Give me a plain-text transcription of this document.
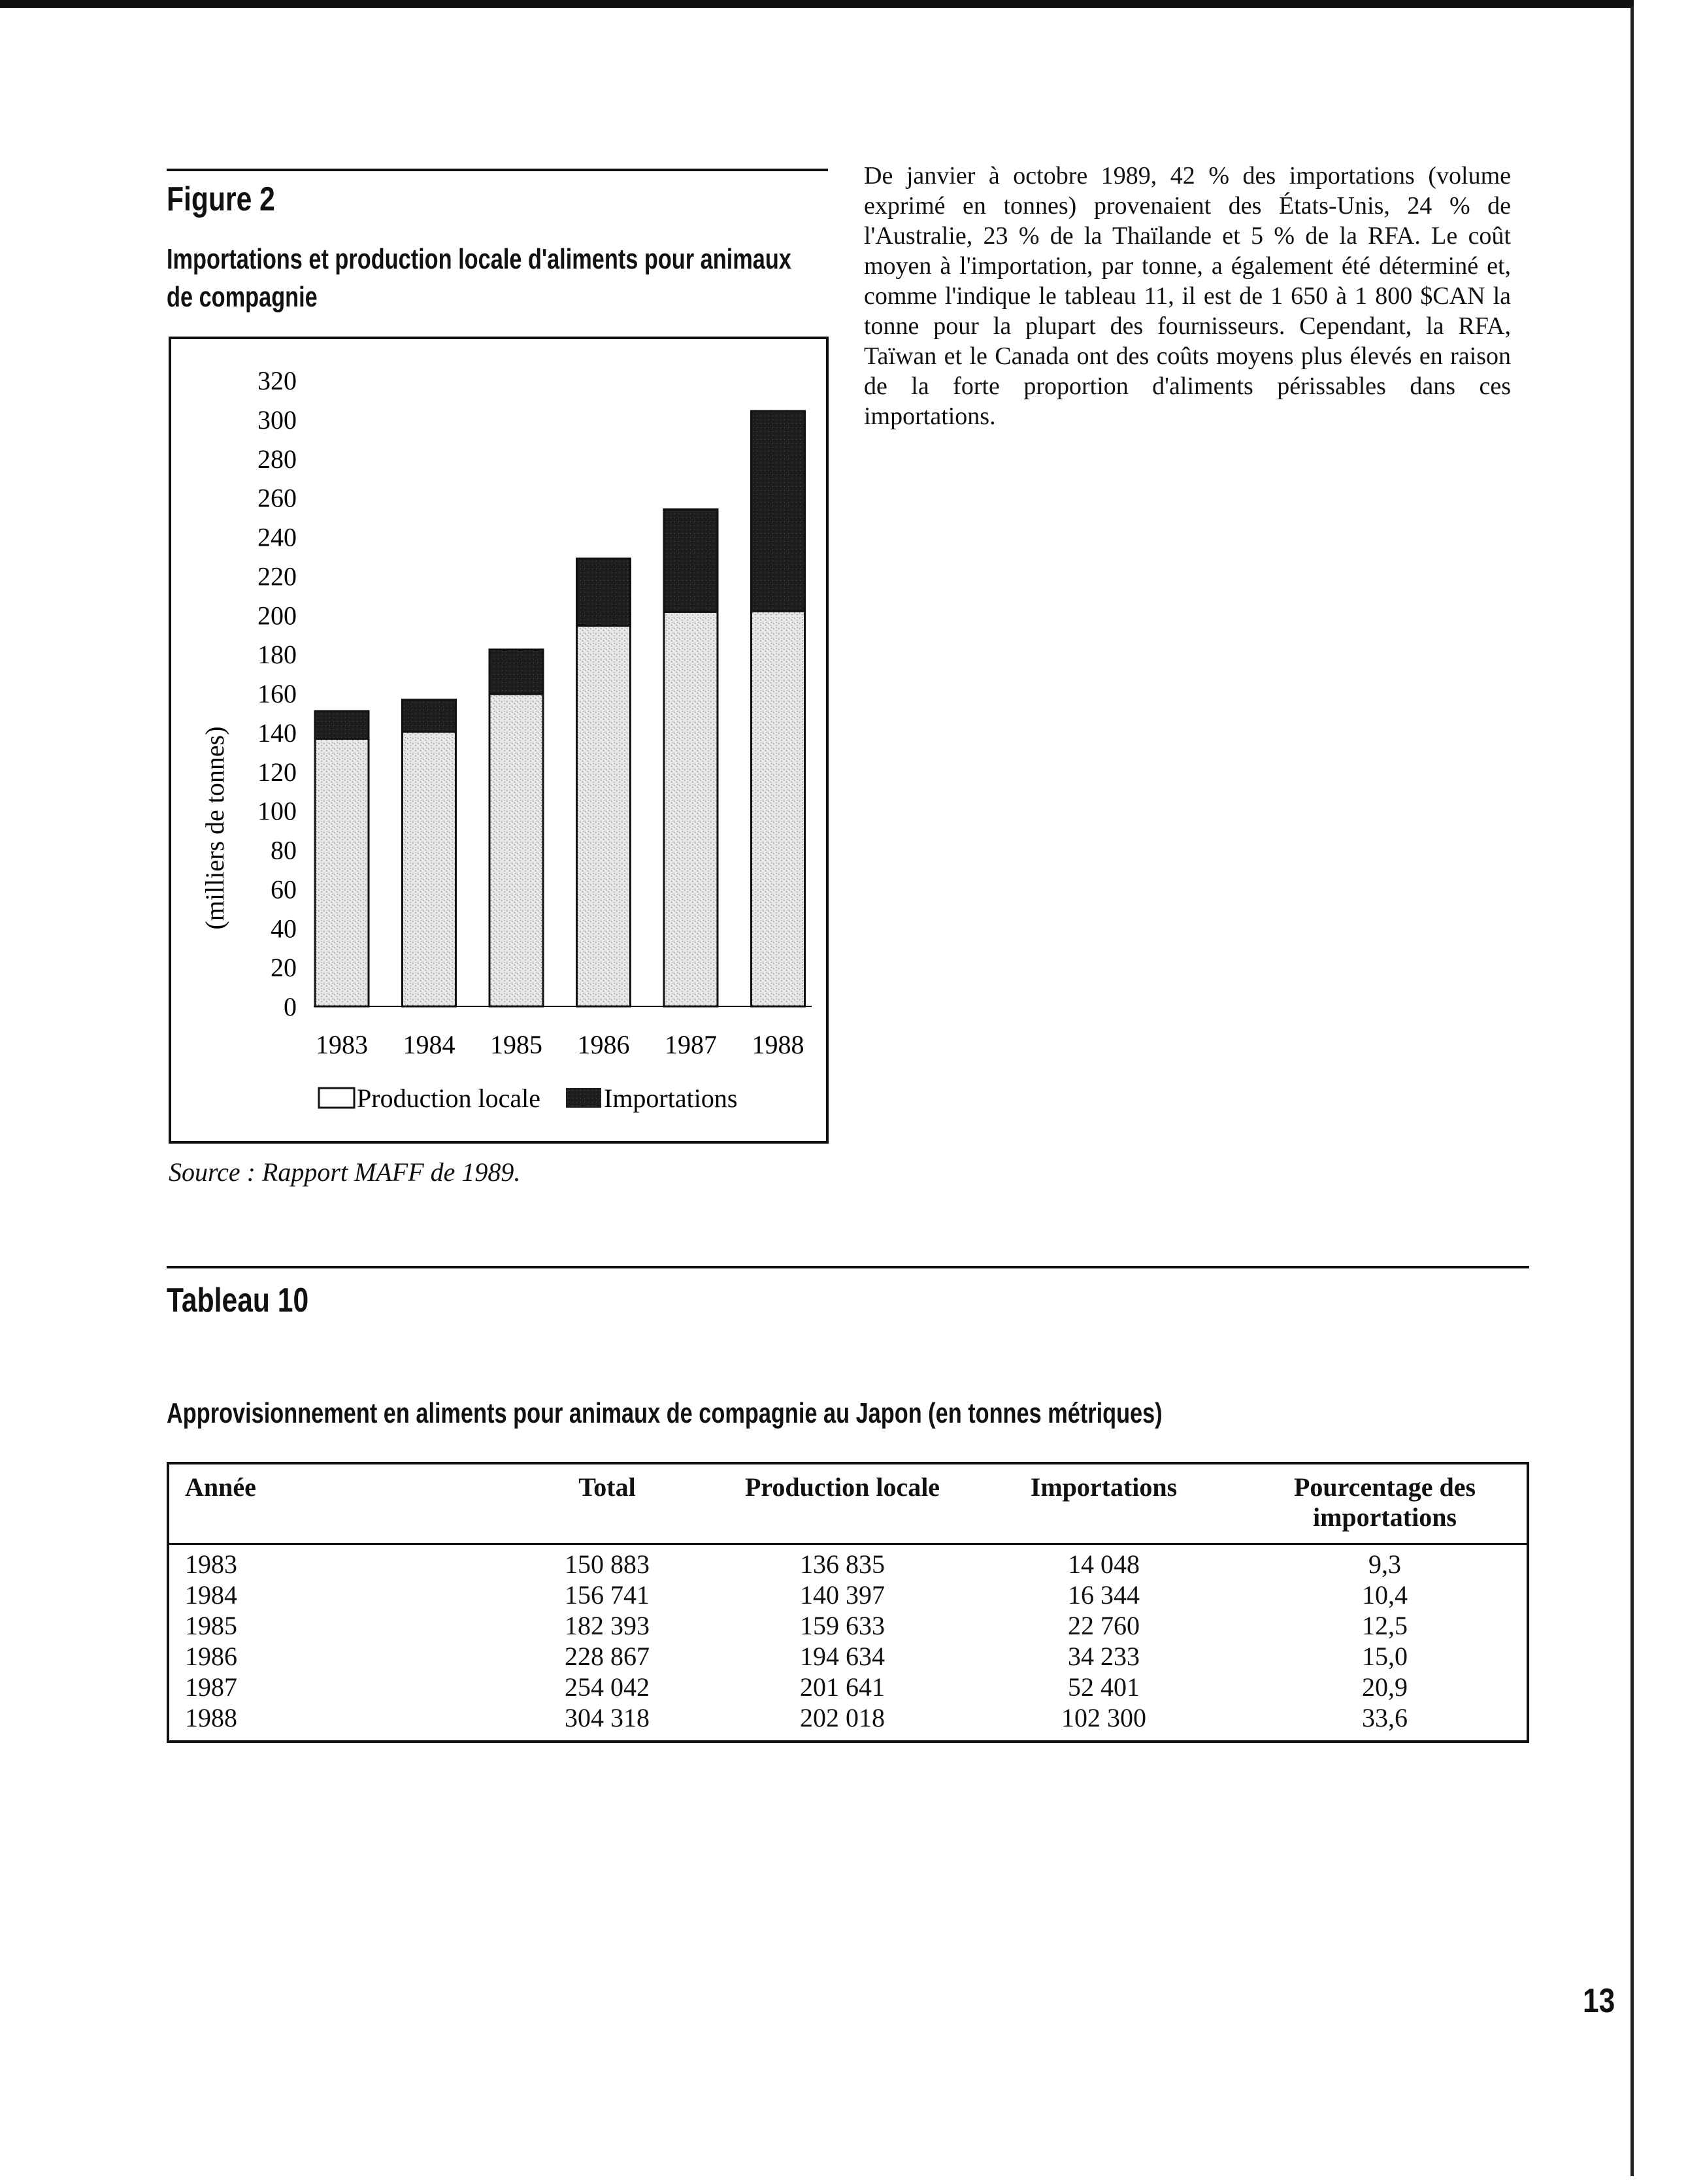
Figure 2
Importations et production locale d'aliments pour animaux de compagnie
(milliers de tonnes)
0
20
40
60
80
100
120
140
160
180
200
220
240
260
280
300
320
1983 1984 1985 1986 1987 1988
Production locale Importations
Source : Rapport MAFF de 1989.
De janvier à octobre 1989, 42 % des importations (volume exprimé en tonnes) provenaient des États-Unis, 24 % de l'Australie, 23 % de la Thaïlande et 5 % de la RFA. Le coût moyen à l'importation, par tonne, a également été déterminé et, comme l'indique le tableau 11, il est de 1 650 à 1 800 $CAN la tonne pour la plupart des fournisseurs. Cependant, la RFA, Taïwan et le Canada ont des coûts moyens plus élevés en raison de la forte proportion d'aliments périssables dans ces importations.
Tableau 10
Approvisionnement en aliments pour animaux de compagnie au Japon (en tonnes métriques)
Année	Total	Production locale	Importations	Pourcentage des importations
1983	150 883	136 835	14 048	9,3
1984	156 741	140 397	16 344	10,4
1985	182 393	159 633	22 760	12,5
1986	228 867	194 634	34 233	15,0
1987	254 042	201 641	52 401	20,9
1988	304 318	202 018	102 300	33,6
13
